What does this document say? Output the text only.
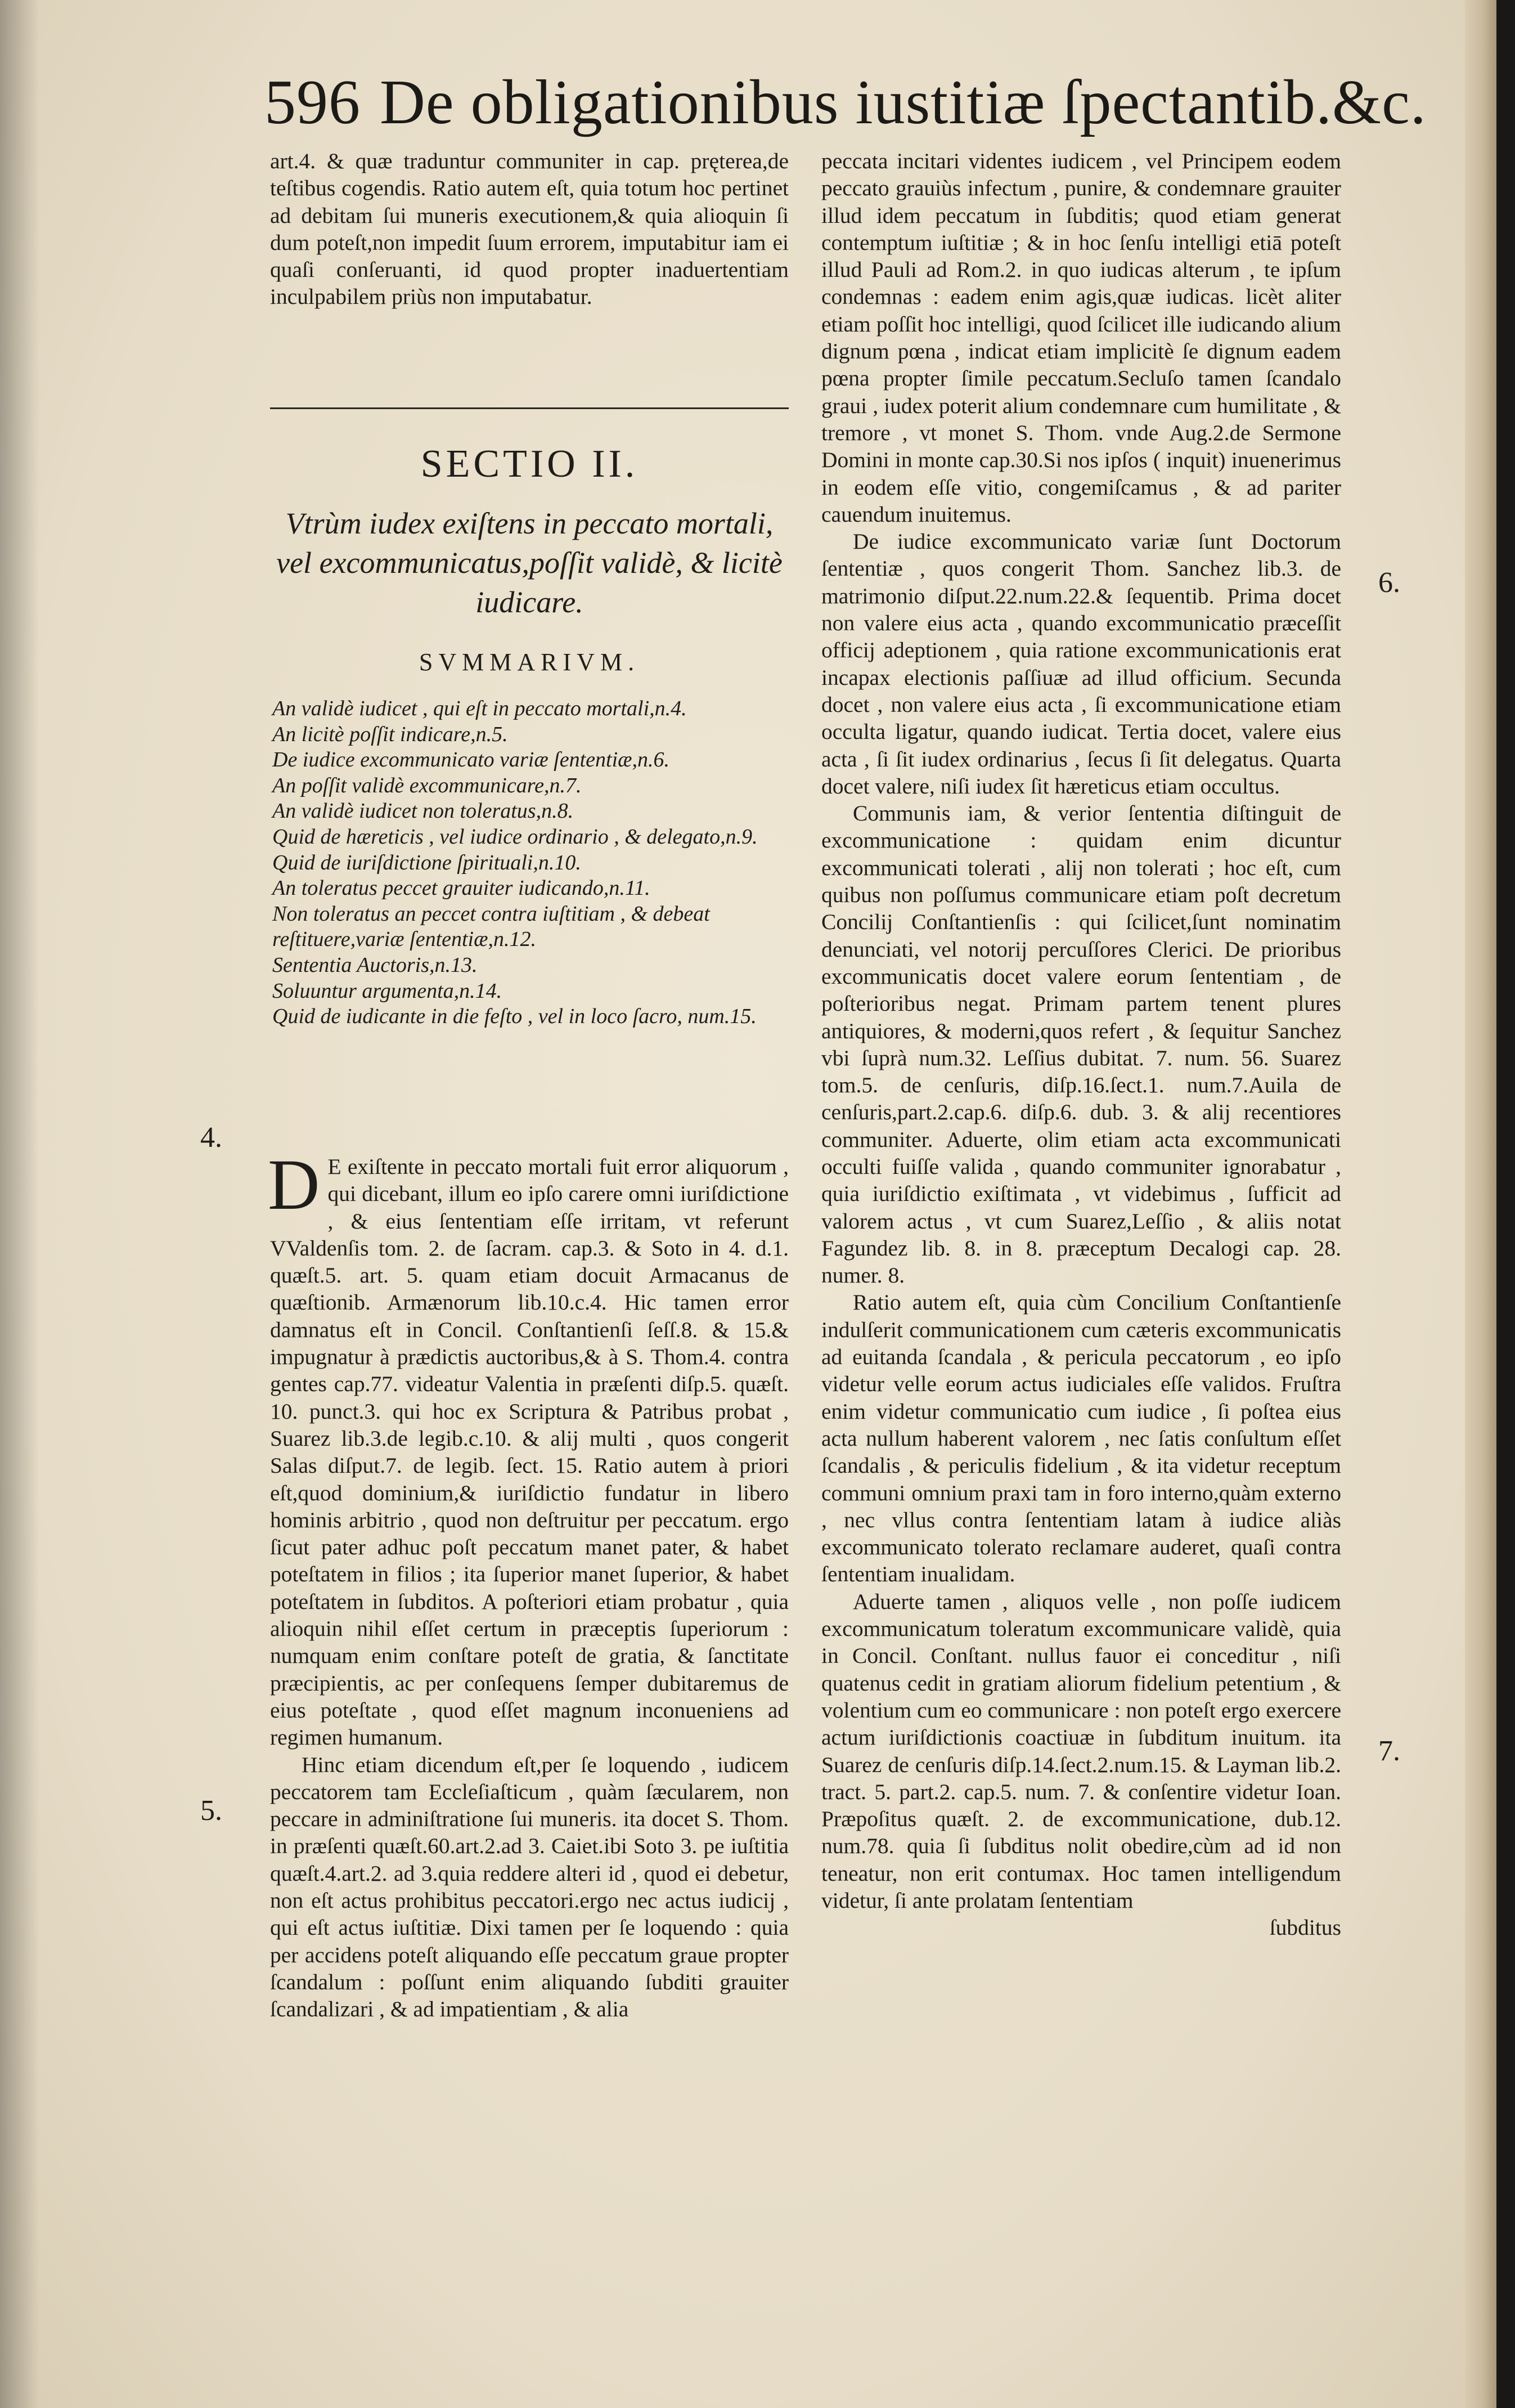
596 De obligationibus iustitiæ ſpectantib.&c.

art.4. & quæ traduntur communiter in cap. pręterea,de teſtibus cogendis. Ratio autem eſt, quia totum hoc pertinet ad debitam ſui muneris executionem,& quia alioquin ſi dum poteſt,non impedit ſuum errorem, imputabitur iam ei quaſi conſeruanti, id quod propter inaduertentiam inculpabilem priùs non imputabatur.

SECTIO II.
Vtrùm iudex exiſtens in peccato mortali, vel excommunicatus,poſſit validè, & licitè iudicare.
SVMMARIVM.
An validè iudicet , qui eſt in peccato mortali,n.4.
An licitè poſſit indicare,n.5.
De iudice excommunicato variæ ſententiæ,n.6.
An poſſit validè excommunicare,n.7.
An validè iudicet non toleratus,n.8.
Quid de hæreticis , vel iudice ordinario , & delegato,n.9.
Quid de iuriſdictione ſpirituali,n.10.
An toleratus peccet grauiter iudicando,n.11.
Non toleratus an peccet contra iuſtitiam , & debeat reſtituere,variæ ſententiæ,n.12.
Sententia Auctoris,n.13.
Soluuntur argumenta,n.14.
Quid de iudicante in die feſto , vel in loco ſacro, num.15.

D E exiſtente in peccato mortali fuit error aliquorum , qui dicebant, illum eo ipſo carere omni iuriſdictione , & eius ſententiam eſſe irritam, vt referunt VValdenſis tom. 2. de ſacram. cap.3. & Soto in 4. d.1. quæſt.5. art. 5. quam etiam docuit Armacanus de quæſtionib. Armænorum lib.10.c.4. Hic tamen error damnatus eſt in Concil. Conſtantienſi ſeſſ.8. & 15.& impugnatur à prædictis auctoribus,& à S. Thom.4. contra gentes cap.77. videatur Valentia in præſenti diſp.5. quæſt. 10. punct.3. qui hoc ex Scriptura & Patribus probat , Suarez lib.3.de legib.c.10. & alij multi , quos congerit Salas diſput.7. de legib. ſect. 15. Ratio autem à priori eſt,quod dominium,& iuriſdictio fundatur in libero hominis arbitrio , quod non deſtruitur per peccatum. ergo ſicut pater adhuc poſt peccatum manet pater, & habet poteſtatem in filios ; ita ſuperior manet ſuperior, & habet poteſtatem in ſubditos. A poſteriori etiam probatur , quia alioquin nihil eſſet certum in præceptis ſuperiorum : numquam enim conſtare poteſt de gratia, & ſanctitate præcipientis, ac per conſequens ſemper dubitaremus de eius poteſtate , quod eſſet magnum inconueniens ad regimen humanum.

Hinc etiam dicendum eſt,per ſe loquendo , iudicem peccatorem tam Eccleſiaſticum , quàm ſæcularem, non peccare in adminiſtratione ſui muneris. ita docet S. Thom. in præſenti quæſt.60.art.2.ad 3. Caiet.ibi Soto 3. pe iuſtitia quæſt.4.art.2. ad 3.quia reddere alteri id , quod ei debetur, non eſt actus prohibitus peccatori.ergo nec actus iudicij , qui eſt actus iuſtitiæ. Dixi tamen per ſe loquendo : quia per accidens poteſt aliquando eſſe peccatum graue propter ſcandalum : poſſunt enim aliquando ſubditi grauiter ſcandalizari , & ad impatientiam , & alia

4.
5.

peccata incitari videntes iudicem , vel Principem eodem peccato grauiùs infectum , punire, & condemnare grauiter illud idem peccatum in ſubditis; quod etiam generat contemptum iuſtitiæ ; & in hoc ſenſu intelligi etiā poteſt illud Pauli ad Rom.2. in quo iudicas alterum , te ipſum condemnas : eadem enim agis,quæ iudicas. licèt aliter etiam poſſit hoc intelligi, quod ſcilicet ille iudicando alium dignum pœna , indicat etiam implicitè ſe dignum eadem pœna propter ſimile peccatum.Secluſo tamen ſcandalo graui , iudex poterit alium condemnare cum humilitate , & tremore , vt monet S. Thom. vnde Aug.2.de Sermone Domini in monte cap.30.Si nos ipſos ( inquit) inuenerimus in eodem eſſe vitio, congemiſcamus , & ad pariter cauendum inuitemus.

De iudice excommunicato variæ ſunt Doctorum ſententiæ , quos congerit Thom. Sanchez lib.3. de matrimonio diſput.22.num.22.& ſequentib. Prima docet non valere eius acta , quando excommunicatio præceſſit officij adeptionem , quia ratione excommunicationis erat incapax electionis paſſiuæ ad illud officium. Secunda docet , non valere eius acta , ſi excommunicatione etiam occulta ligatur, quando iudicat. Tertia docet, valere eius acta , ſi ſit iudex ordinarius , ſecus ſi ſit delegatus. Quarta docet valere, niſi iudex ſit hæreticus etiam occultus.

Communis iam, & verior ſententia diſtinguit de excommunicatione : quidam enim dicuntur excommunicati tolerati , alij non tolerati ; hoc eſt, cum quibus non poſſumus communicare etiam poſt decretum Concilij Conſtantienſis : qui ſcilicet,ſunt nominatim denunciati, vel notorij percuſſores Clerici. De prioribus excommunicatis docet valere eorum ſententiam , de poſterioribus negat. Primam partem tenent plures antiquiores, & moderni,quos refert , & ſequitur Sanchez vbi ſuprà num.32. Leſſius dubitat. 7. num. 56. Suarez tom.5. de cenſuris, diſp.16.ſect.1. num.7.Auila de cenſuris,part.2.cap.6. diſp.6. dub. 3. & alij recentiores communiter. Aduerte, olim etiam acta excommunicati occulti fuiſſe valida , quando communiter ignorabatur , quia iuriſdictio exiſtimata , vt videbimus , ſufficit ad valorem actus , vt cum Suarez,Leſſio , & aliis notat Fagundez lib. 8. in 8. præceptum Decalogi cap. 28. numer. 8.

Ratio autem eſt, quia cùm Concilium Conſtantienſe indulſerit communicationem cum cæteris excommunicatis ad euitanda ſcandala , & pericula peccatorum , eo ipſo videtur velle eorum actus iudiciales eſſe validos. Fruſtra enim videtur communicatio cum iudice , ſi poſtea eius acta nullum haberent valorem , nec ſatis conſultum eſſet ſcandalis , & periculis fidelium , & ita videtur receptum communi omnium praxi tam in foro interno,quàm externo , nec vllus contra ſententiam latam à iudice aliàs excommunicato tolerato reclamare auderet, quaſi contra ſententiam inualidam.

Aduerte tamen , aliquos velle , non poſſe iudicem excommunicatum toleratum excommunicare validè, quia in Concil. Conſtant. nullus fauor ei conceditur , niſi quatenus cedit in gratiam aliorum fidelium petentium , & volentium cum eo communicare : non poteſt ergo exercere actum iuriſdictionis coactiuæ in ſubditum inuitum. ita Suarez de cenſuris diſp.14.ſect.2.num.15. & Layman lib.2. tract. 5. part.2. cap.5. num. 7. & conſentire videtur Ioan. Præpoſitus quæſt. 2. de excommunicatione, dub.12. num.78. quia ſi ſubditus nolit obedire,cùm ad id non teneatur, non erit contumax. Hoc tamen intelligendum videtur, ſi ante prolatam ſententiam

ſubditus

6.
7.
